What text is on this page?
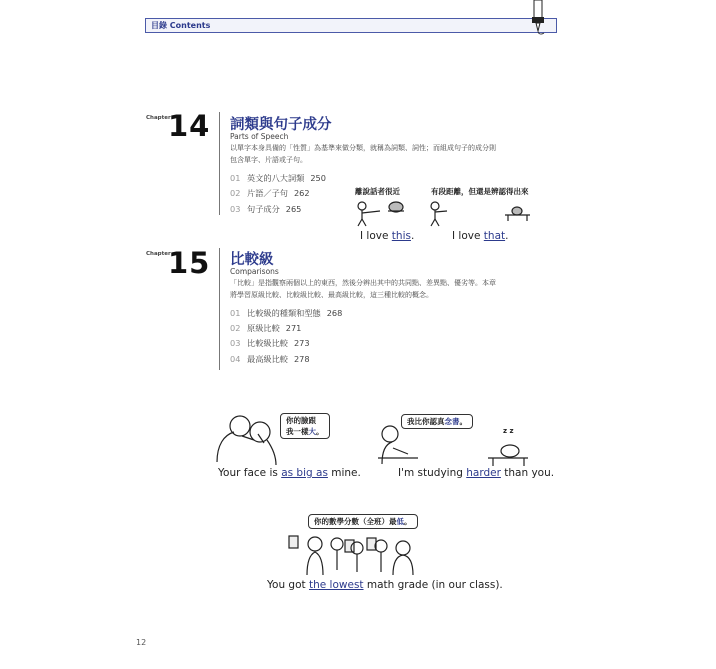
目錄 Contents
Chapter
14 詞類與句子成分
Parts of Speech
以單字本身具備的「性質」為基準來做分類，就稱為詞類、詞性；而組成句子的成分則
包含單字、片語或子句。
01 英文的八大詞類 250
02 片語／子句 262
03 句子成分 265
離說話者很近	有段距離，但還是辨認得出來
I love this.	I love that.
Chapter
15 比較級
Comparisons
「比較」是指觀察兩個以上的東西，然後分辨出其中的共同點、差異點、優劣等。本章
將學習原級比較、比較級比較、最高級比較，這三種比較的概念。
01 比較級的種類和型態 268
02 原級比較 271
03 比較級比較 273
04 最高級比較 278
你的臉跟
我一樣大。
Your face is as big as mine.
我比你認真念書。
z z
I'm studying harder than you.
你的數學分數（全班）最低。
You got the lowest math grade (in our class).
12
